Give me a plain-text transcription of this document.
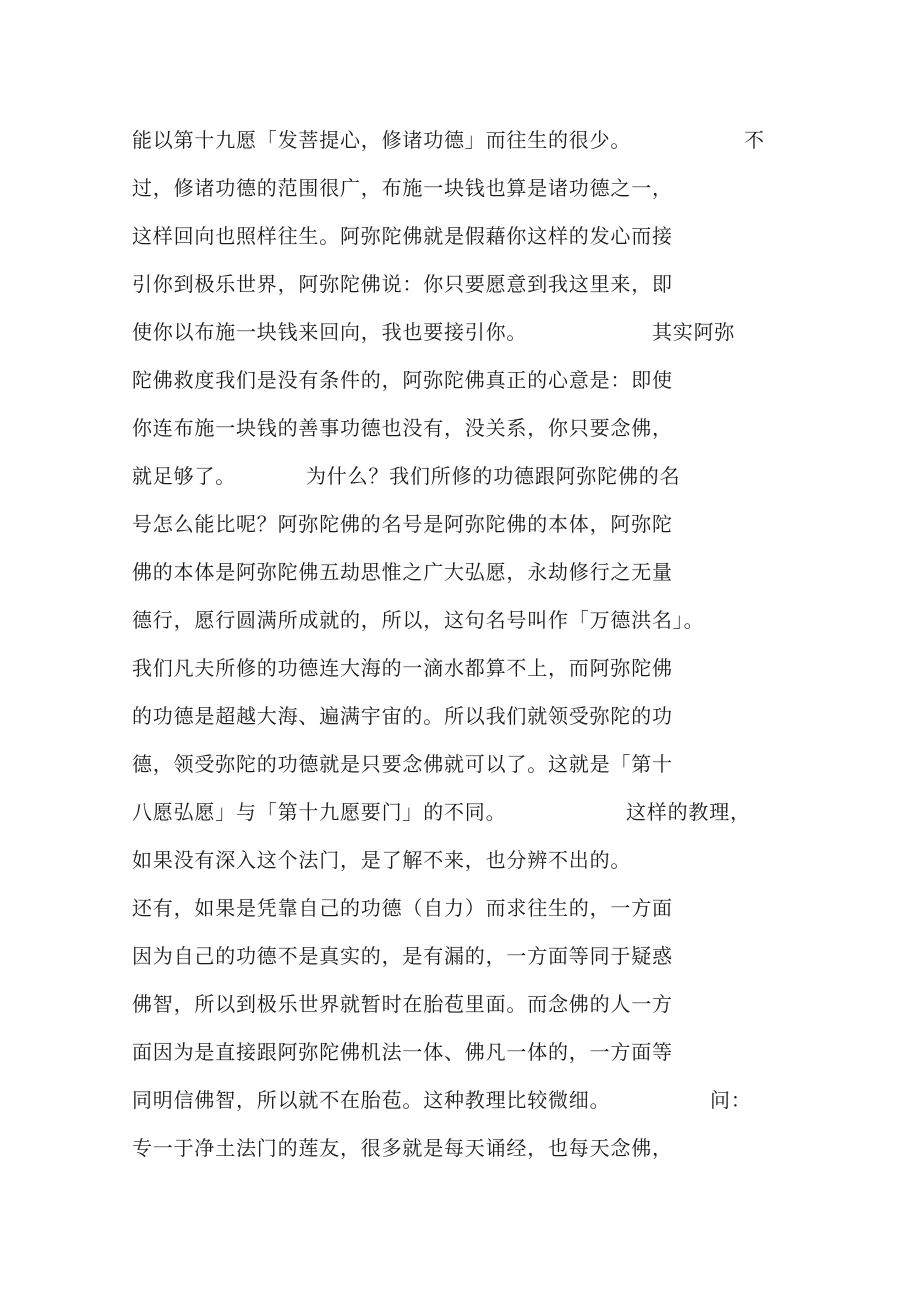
能以第十九愿「发菩提心，修诸功德」而往生的很少。	不
过，修诸功德的范围很广，布施一块钱也算是诸功德之一，
这样回向也照样往生。阿弥陀佛就是假藉你这样的发心而接
引你到极乐世界，阿弥陀佛说：你只要愿意到我这里来，即
使你以布施一块钱来回向，我也要接引你。	其实阿弥
陀佛救度我们是没有条件的，阿弥陀佛真正的心意是：即使
你连布施一块钱的善事功德也没有，没关系，你只要念佛，
就足够了。	为什么？我们所修的功德跟阿弥陀佛的名
号怎么能比呢？阿弥陀佛的名号是阿弥陀佛的本体，阿弥陀
佛的本体是阿弥陀佛五劫思惟之广大弘愿，永劫修行之无量
德行，愿行圆满所成就的，所以，这句名号叫作「万德洪名」。
我们凡夫所修的功德连大海的一滴水都算不上，而阿弥陀佛
的功德是超越大海、遍满宇宙的。所以我们就领受弥陀的功
德，领受弥陀的功德就是只要念佛就可以了。这就是「第十
八愿弘愿」与「第十九愿要门」的不同。	这样的教理，
如果没有深入这个法门，是了解不来，也分辨不出的。
还有，如果是凭靠自己的功德（自力）而求往生的，一方面
因为自己的功德不是真实的，是有漏的，一方面等同于疑惑
佛智，所以到极乐世界就暂时在胎苞里面。而念佛的人一方
面因为是直接跟阿弥陀佛机法一体、佛凡一体的，一方面等
同明信佛智，所以就不在胎苞。这种教理比较微细。	问：
专一于净土法门的莲友，很多就是每天诵经，也每天念佛，
